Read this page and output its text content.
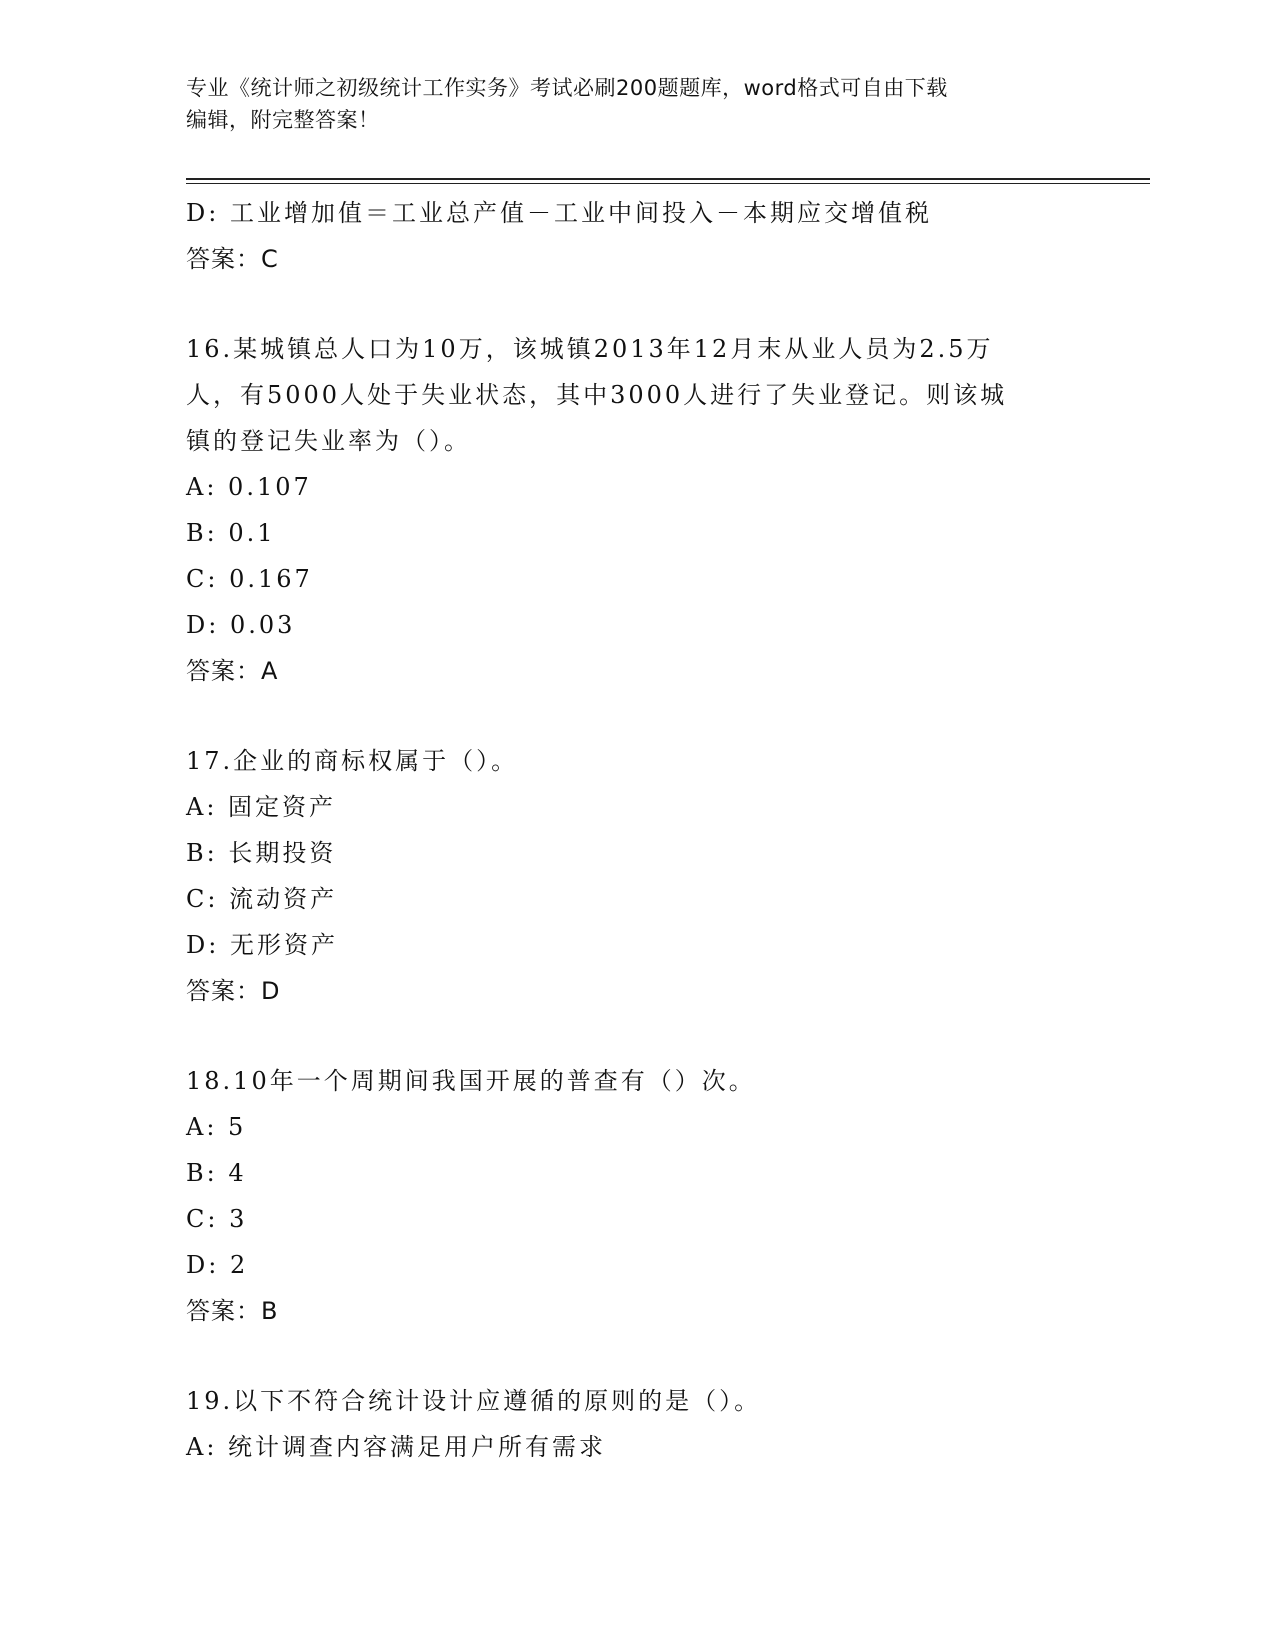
专业《统计师之初级统计工作实务》考试必刷200题题库，word格式可自由下载
编辑，附完整答案！
D: 工业增加值＝工业总产值－工业中间投入－本期应交增值税
答案：C
16.某城镇总人口为10万，该城镇2013年12月末从业人员为2.5万
人，有5000人处于失业状态，其中3000人进行了失业登记。则该城
镇的登记失业率为（）。
A: 0.107
B: 0.1
C: 0.167
D: 0.03
答案：A
17.企业的商标权属于（）。
A: 固定资产
B: 长期投资
C: 流动资产
D: 无形资产
答案：D
18.10年一个周期间我国开展的普查有（）次。
A: 5
B: 4
C: 3
D: 2
答案：B
19.以下不符合统计设计应遵循的原则的是（）。
A: 统计调查内容满足用户所有需求
